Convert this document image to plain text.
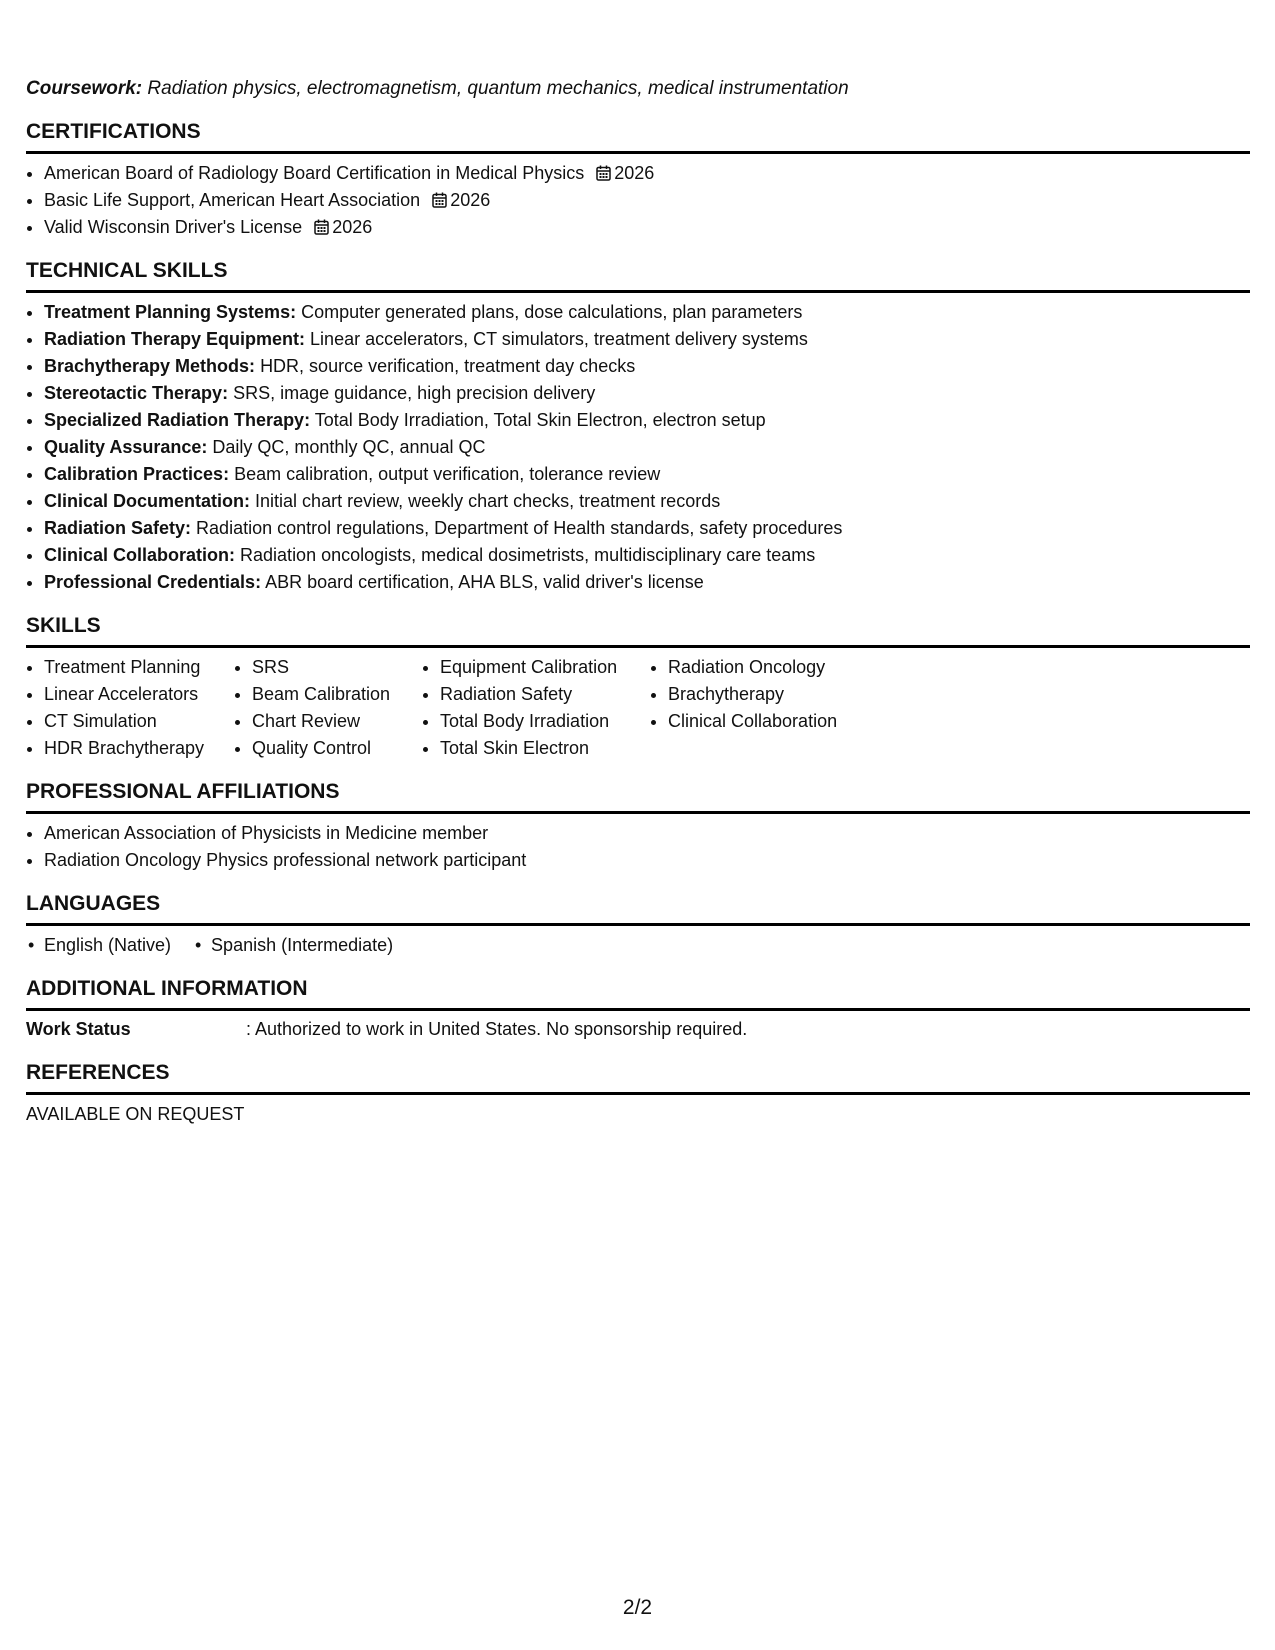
Coursework: Radiation physics, electromagnetism, quantum mechanics, medical instrumentation
CERTIFICATIONS
• American Board of Radiology Board Certification in Medical Physics 2026
• Basic Life Support, American Heart Association 2026
• Valid Wisconsin Driver's License 2026
TECHNICAL SKILLS
• Treatment Planning Systems: Computer generated plans, dose calculations, plan parameters
• Radiation Therapy Equipment: Linear accelerators, CT simulators, treatment delivery systems
• Brachytherapy Methods: HDR, source verification, treatment day checks
• Stereotactic Therapy: SRS, image guidance, high precision delivery
• Specialized Radiation Therapy: Total Body Irradiation, Total Skin Electron, electron setup
• Quality Assurance: Daily QC, monthly QC, annual QC
• Calibration Practices: Beam calibration, output verification, tolerance review
• Clinical Documentation: Initial chart review, weekly chart checks, treatment records
• Radiation Safety: Radiation control regulations, Department of Health standards, safety procedures
• Clinical Collaboration: Radiation oncologists, medical dosimetrists, multidisciplinary care teams
• Professional Credentials: ABR board certification, AHA BLS, valid driver's license
SKILLS
• Treatment Planning
• Linear Accelerators
• CT Simulation
• HDR Brachytherapy
• SRS
• Beam Calibration
• Chart Review
• Quality Control
• Equipment Calibration
• Radiation Safety
• Total Body Irradiation
• Total Skin Electron
• Radiation Oncology
• Brachytherapy
• Clinical Collaboration
PROFESSIONAL AFFILIATIONS
• American Association of Physicists in Medicine member
• Radiation Oncology Physics professional network participant
LANGUAGES
• English (Native)
•	Spanish (Intermediate)
ADDITIONAL INFORMATION
Work Status	: Authorized to work in United States. No sponsorship required.
REFERENCES
AVAILABLE ON REQUEST
2/2
